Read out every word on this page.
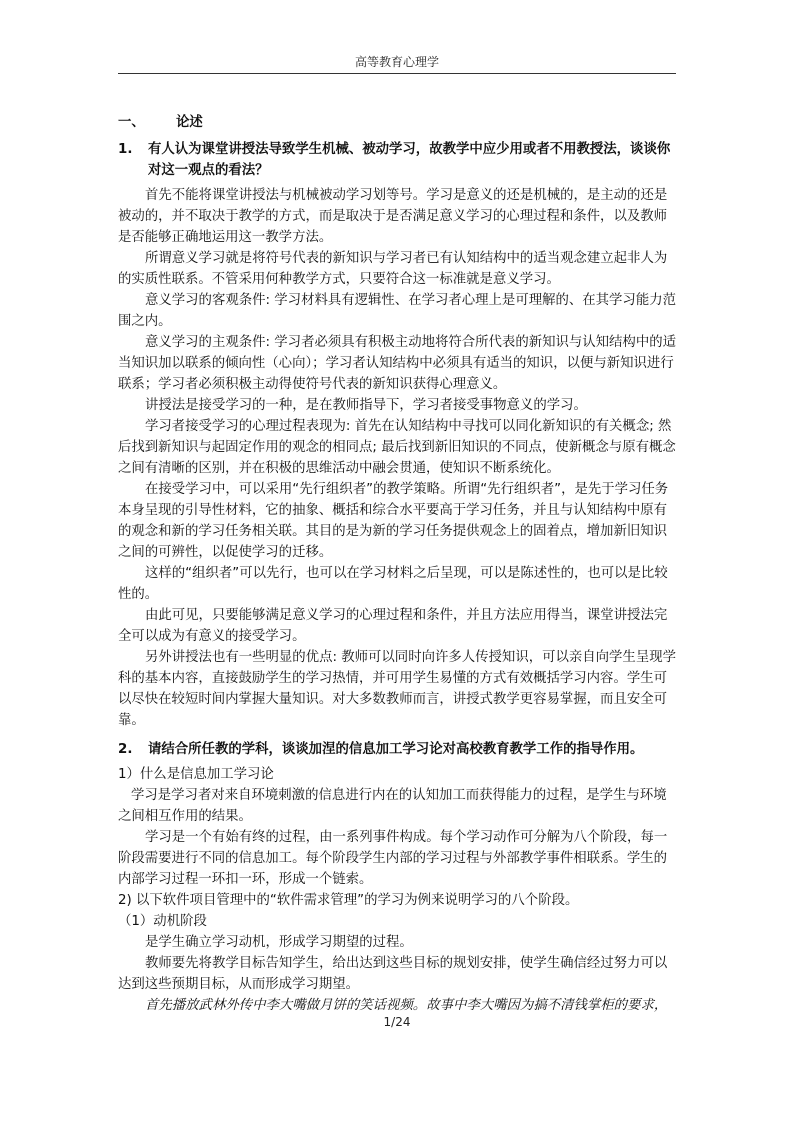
高等教育心理学
一、 论述
1.	有人认为课堂讲授法导致学生机械、被动学习，故教学中应少用或者不用教授法，谈谈你对这一观点的看法？

首先不能将课堂讲授法与机械被动学习划等号。学习是意义的还是机械的，是主动的还是被动的，并不取决于教学的方式，而是取决于是否满足意义学习的心理过程和条件，以及教师是否能够正确地运用这一教学方法。

所谓意义学习就是将符号代表的新知识与学习者已有认知结构中的适当观念建立起非人为的实质性联系。不管采用何种教学方式，只要符合这一标准就是意义学习。

意义学习的客观条件: 学习材料具有逻辑性、在学习者心理上是可理解的、在其学习能力范围之内。

意义学习的主观条件: 学习者必须具有积极主动地将符合所代表的新知识与认知结构中的适当知识加以联系的倾向性（心向）；学习者认知结构中必须具有适当的知识，以便与新知识进行联系；学习者必须积极主动得使符号代表的新知识获得心理意义。

讲授法是接受学习的一种，是在教师指导下，学习者接受事物意义的学习。

学习者接受学习的心理过程表现为: 首先在认知结构中寻找可以同化新知识的有关概念; 然后找到新知识与起固定作用的观念的相同点; 最后找到新旧知识的不同点，使新概念与原有概念之间有清晰的区别，并在积极的思维活动中融会贯通，使知识不断系统化。

在接受学习中，可以采用“先行组织者”的教学策略。所谓“先行组织者”，是先于学习任务本身呈现的引导性材料，它的抽象、概括和综合水平要高于学习任务，并且与认知结构中原有的观念和新的学习任务相关联。其目的是为新的学习任务提供观念上的固着点，增加新旧知识之间的可辨性，以促使学习的迁移。

这样的“组织者”可以先行，也可以在学习材料之后呈现，可以是陈述性的，也可以是比较性的。

由此可见，只要能够满足意义学习的心理过程和条件，并且方法应用得当，课堂讲授法完全可以成为有意义的接受学习。

另外讲授法也有一些明显的优点: 教师可以同时向许多人传授知识，可以亲自向学生呈现学科的基本内容，直接鼓励学生的学习热情，并可用学生易懂的方式有效概括学习内容。学生可以尽快在较短时间内掌握大量知识。对大多数教师而言，讲授式教学更容易掌握，而且安全可靠。

2.	请结合所任教的学科，谈谈加涅的信息加工学习论对高校教育教学工作的指导作用。

1）什么是信息加工学习论

学习是学习者对来自环境刺激的信息进行内在的认知加工而获得能力的过程，是学生与环境之间相互作用的结果。

学习是一个有始有终的过程，由一系列事件构成。每个学习动作可分解为八个阶段，每一阶段需要进行不同的信息加工。每个阶段学生内部的学习过程与外部教学事件相联系。学生的内部学习过程一环扣一环，形成一个链索。

2) 以下软件项目管理中的“软件需求管理”的学习为例来说明学习的八个阶段。

（1）动机阶段

是学生确立学习动机，形成学习期望的过程。

教师要先将教学目标告知学生，给出达到这些目标的规划安排，使学生确信经过努力可以达到这些预期目标，从而形成学习期望。

首先播放武林外传中李大嘴做月饼的笑话视频。故事中李大嘴因为搞不清钱掌柜的要求，

1/24
